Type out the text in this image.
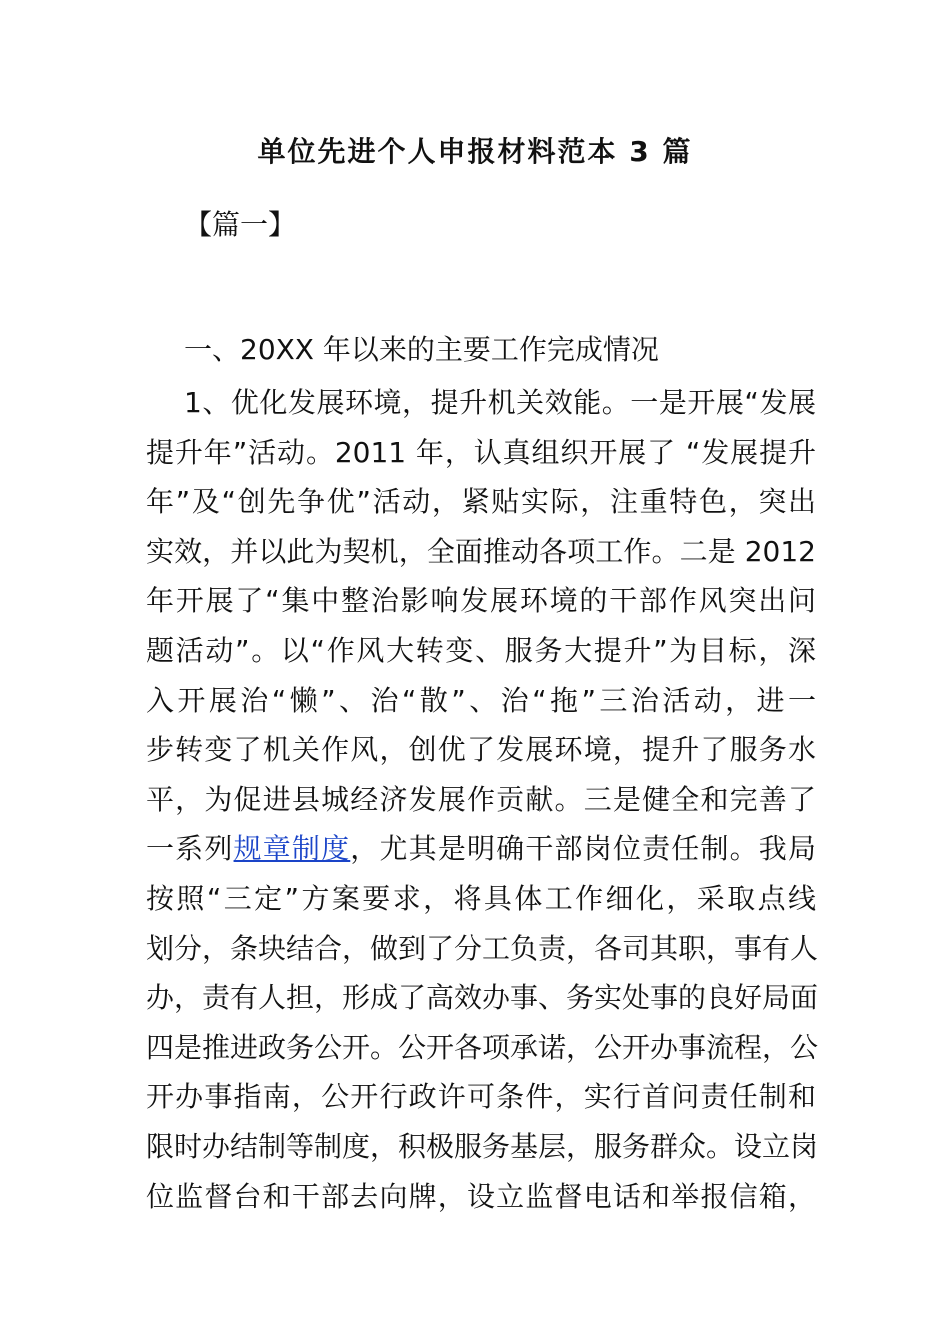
单位先进个人申报材料范本 3 篇
【篇一】
一、20XX 年以来的主要工作完成情况
1、优化发展环境，提升机关效能。一是开展“发展
提升年”活动。2011 年，认真组织开展了 “发展提升
年”及“创先争优”活动，紧贴实际，注重特色，突出
实效，并以此为契机，全面推动各项工作。二是 2012
年开展了“集中整治影响发展环境的干部作风突出问
题活动”。以“作风大转变、服务大提升”为目标，深
入开展治“懒”、治“散”、治“拖”三治活动，进一
步转变了机关作风，创优了发展环境，提升了服务水
平，为促进县城经济发展作贡献。三是健全和完善了
一系列规章制度，尤其是明确干部岗位责任制。我局
按照“三定”方案要求，将具体工作细化，采取点线
划分，条块结合，做到了分工负责，各司其职，事有人
办，责有人担，形成了高效办事、务实处事的良好局面
四是推进政务公开。公开各项承诺，公开办事流程，公
开办事指南，公开行政许可条件，实行首问责任制和
限时办结制等制度，积极服务基层，服务群众。设立岗
位监督台和干部去向牌，设立监督电话和举报信箱，
